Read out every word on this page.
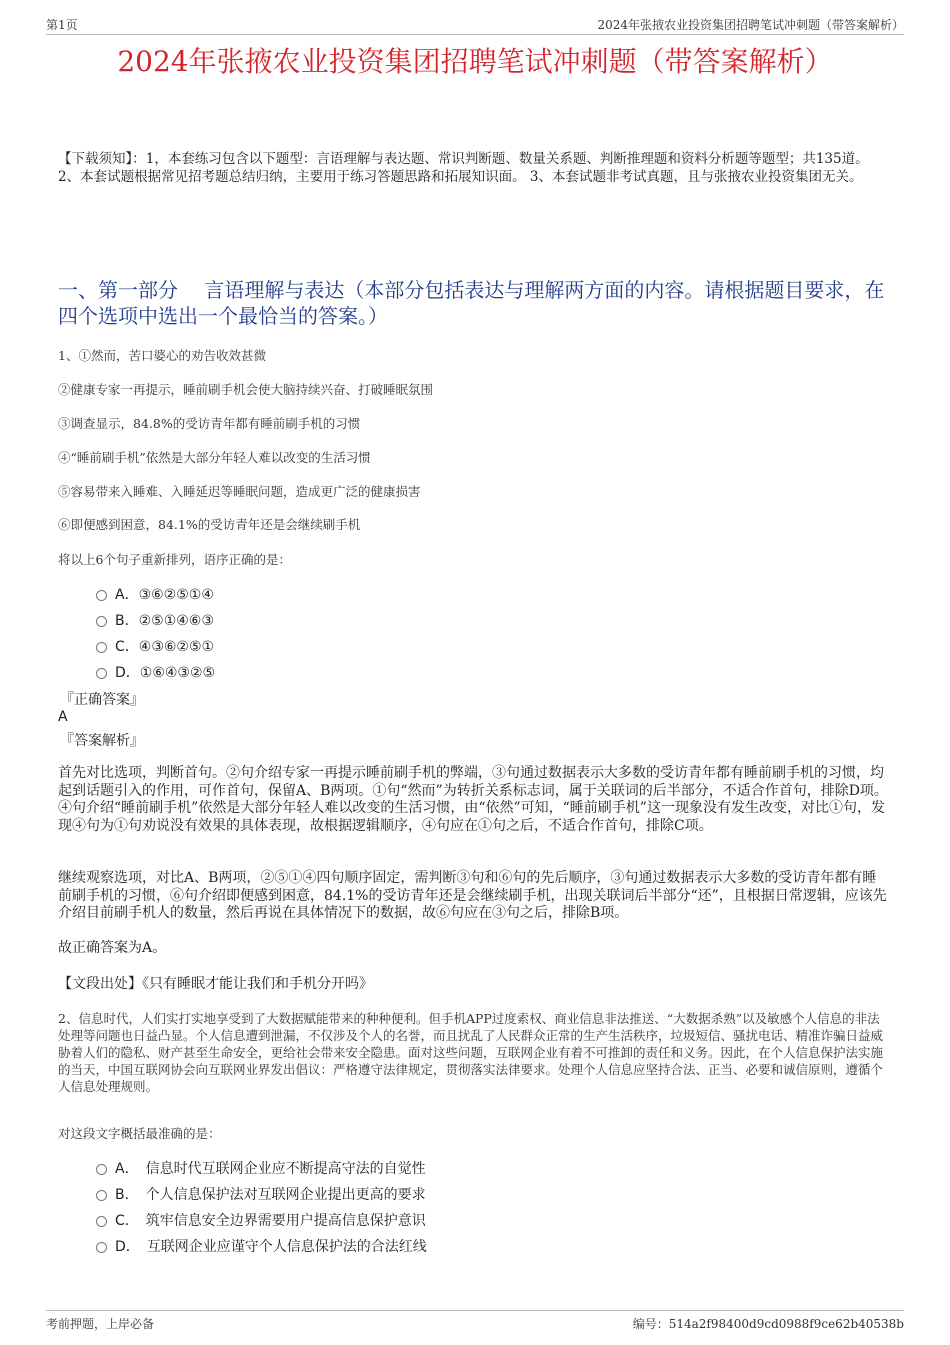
第1页	2024年张掖农业投资集团招聘笔试冲刺题（带答案解析）
2024年张掖农业投资集团招聘笔试冲刺题（带答案解析）
【下载须知】：1，本套练习包含以下题型：言语理解与表达题、常识判断题、数量关系题、判断推理题和资料分析题等题型；共135道。 2、本套试题根据常见招考题总结归纳，主要用于练习答题思路和拓展知识面。 3、本套试题非考试真题，且与张掖农业投资集团无关。
一、第一部分　 言语理解与表达（本部分包括表达与理解两方面的内容。请根据题目要求，在四个选项中选出一个最恰当的答案。）
1、①然而，苦口婆心的劝告收效甚微
②健康专家一再提示，睡前刷手机会使大脑持续兴奋、打破睡眠氛围
③调查显示，84.8%的受访青年都有睡前刷手机的习惯
④“睡前刷手机”依然是大部分年轻人难以改变的生活习惯
⑤容易带来入睡难、入睡延迟等睡眠问题，造成更广泛的健康损害
⑥即便感到困意，84.1%的受访青年还是会继续刷手机
将以上6个句子重新排列，语序正确的是：
A．③⑥②⑤①④
B．②⑤①④⑥③
C．④③⑥②⑤①
D．①⑥④③②⑤
『正确答案』
A
『答案解析』
首先对比选项，判断首句。②句介绍专家一再提示睡前刷手机的弊端，③句通过数据表示大多数的受访青年都有睡前刷手机的习惯，均起到话题引入的作用，可作首句，保留A、B两项。①句“然而”为转折关系标志词，属于关联词的后半部分，不适合作首句，排除D项。④句介绍“睡前刷手机”依然是大部分年轻人难以改变的生活习惯，由“依然”可知，“睡前刷手机”这一现象没有发生改变，对比①句，发现④句为①句劝说没有效果的具体表现，故根据逻辑顺序，④句应在①句之后，不适合作首句，排除C项。
继续观察选项，对比A、B两项，②⑤①④四句顺序固定，需判断③句和⑥句的先后顺序，③句通过数据表示大多数的受访青年都有睡前刷手机的习惯，⑥句介绍即便感到困意，84.1%的受访青年还是会继续刷手机，出现关联词后半部分“还”，且根据日常逻辑，应该先介绍目前刷手机人的数量，然后再说在具体情况下的数据，故⑥句应在③句之后，排除B项。
故正确答案为A。
【文段出处】《只有睡眠才能让我们和手机分开吗》
2、信息时代，人们实打实地享受到了大数据赋能带来的种种便利。但手机APP过度索权、商业信息非法推送、“大数据杀熟”以及敏感个人信息的非法处理等问题也日益凸显。个人信息遭到泄漏，不仅涉及个人的名誉，而且扰乱了人民群众正常的生产生活秩序，垃圾短信、骚扰电话、精准诈骗日益威胁着人们的隐私、财产甚至生命安全，更给社会带来安全隐患。面对这些问题，互联网企业有着不可推卸的责任和义务。因此，在个人信息保护法实施的当天，中国互联网协会向互联网业界发出倡议：严格遵守法律规定，贯彻落实法律要求。处理个人信息应坚持合法、正当、必要和诚信原则，遵循个人信息处理规则。
对这段文字概括最准确的是：
A．　信息时代互联网企业应不断提高守法的自觉性
B．　个人信息保护法对互联网企业提出更高的要求
C．　筑牢信息安全边界需要用户提高信息保护意识
D．　互联网企业应谨守个人信息保护法的合法红线
考前押题，上岸必备	编号：514a2f98400d9cd0988f9ce62b40538b
